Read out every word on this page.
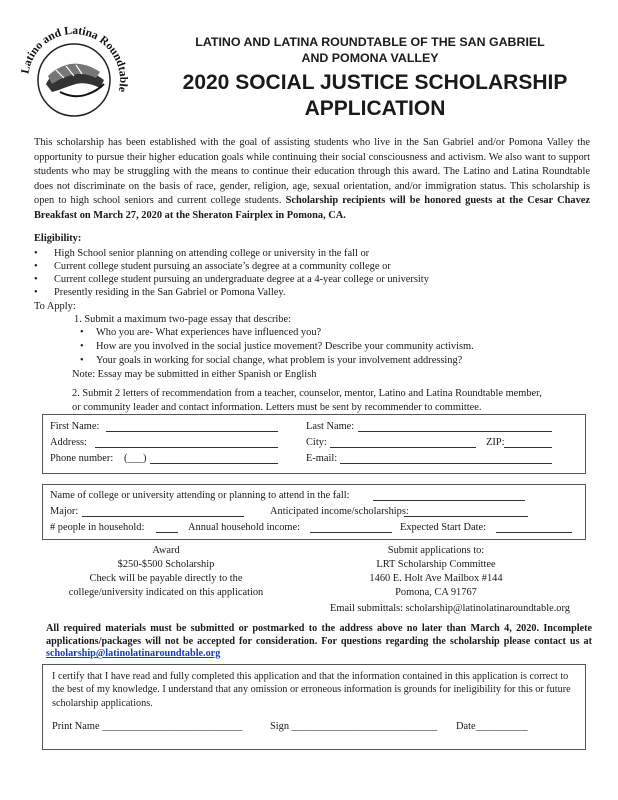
LATINO AND LATINA ROUNDTABLE OF THE SAN GABRIEL
AND POMONA VALLEY
2020 SOCIAL JUSTICE SCHOLARSHIP
APPLICATION
Latino and Latina Roundtable
This scholarship has been established with the goal of assisting students who live in the San Gabriel and/or Pomona Valley the opportunity to pursue their higher education goals while continuing their social consciousness and activism. We also want to support students who may be struggling with the means to continue their education through this award. The Latino and Latina Roundtable does not discriminate on the basis of race, gender, religion, age, sexual orientation, and/or immigration status. This scholarship is open to high school seniors and current college students. Scholarship recipients will be honored guests at the Cesar Chavez Breakfast on March 27, 2020 at the Sheraton Fairplex in Pomona, CA.
Eligibility:
• High School senior planning on attending college or university in the fall or
• Current college student pursuing an associate’s degree at a community college or
• Current college student pursuing an undergraduate degree at a 4-year college or university
• Presently residing in the San Gabriel or Pomona Valley.
To Apply:
1. Submit a maximum two-page essay that describe:
• Who you are- What experiences have influenced you?
• How are you involved in the social justice movement? Describe your community activism.
• Your goals in working for social change, what problem is your involvement addressing?
Note: Essay may be submitted in either Spanish or English
2. Submit 2 letters of recommendation from a teacher, counselor, mentor, Latino and Latina Roundtable member,
or community leader and contact information. Letters must be sent by recommender to committee.
First Name:	Last Name:
Address:	City:	ZIP:
Phone number: (___)	E-mail:
Name of college or university attending or planning to attend in the fall:
Major:	Anticipated income/scholarships:
# people in household:	Annual household income:	Expected Start Date:
Award
$250-$500 Scholarship
Check will be payable directly to the
college/university indicated on this application
Submit applications to:
LRT Scholarship Committee
1460 E. Holt Ave Mailbox #144
Pomona, CA 91767
Email submittals: scholarship@latinolatinaroundtable.org
All required materials must be submitted or postmarked to the address above no later than March 4, 2020. Incomplete applications/packages will not be accepted for consideration. For questions regarding the scholarship please contact us at scholarship@latinolatinaroundtable.org
I certify that I have read and fully completed this application and that the information contained in this application is correct to the best of my knowledge. I understand that any omission or erroneous information is grounds for ineligibility for this or future scholarship applications.
Print Name ___________________________	Sign ____________________________ Date__________
